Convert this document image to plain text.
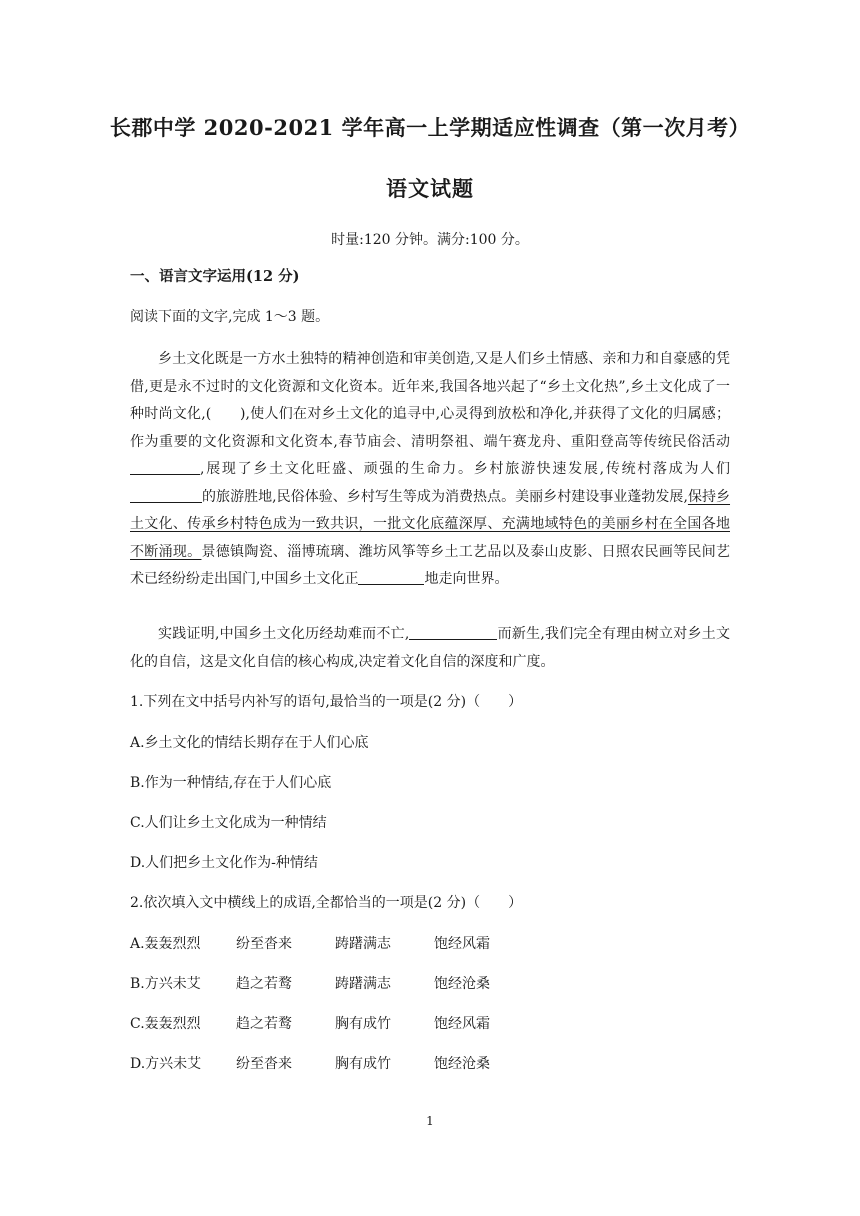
长郡中学 2020-2021 学年高一上学期适应性调查（第一次月考）
语文试题
时量:120 分钟。满分:100 分。
一、语言文字运用(12 分)
阅读下面的文字,完成 1～3 题。

乡土文化既是一方水土独特的精神创造和审美创造,又是人们乡土情感、亲和力和自豪感的凭借,更是永不过时的文化资源和文化资本。近年来,我国各地兴起了“乡土文化热”,乡土文化成了一种时尚文化,(　　),使人们在对乡土文化的追寻中,心灵得到放松和净化,并获得了文化的归属感；作为重要的文化资源和文化资本,春节庙会、清明祭祖、端午赛龙舟、重阳登高等传统民俗活动,展现了乡土文化旺盛、顽强的生命力。乡村旅游快速发展,传统村落成为人们的旅游胜地,民俗体验、乡村写生等成为消费热点。美丽乡村建设事业蓬勃发展,保持乡土文化、传承乡村特色成为一致共识，一批文化底蕴深厚、充满地域特色的美丽乡村在全国各地不断涌现。景德镇陶瓷、淄博琉璃、潍坊风筝等乡土工艺品以及泰山皮影、日照农民画等民间艺术已经纷纷走出国门,中国乡土文化正	地走向世界。

实践证明,中国乡土文化历经劫难而不亡,	而新生,我们完全有理由树立对乡土文化的自信，这是文化自信的核心构成,决定着文化自信的深度和广度。

1.下列在文中括号内补写的语句,最恰当的一项是(2 分)（　　）
A.乡土文化的情结长期存在于人们心底
B.作为一种情结,存在于人们心底
C.人们让乡土文化成为一种情结
D.人们把乡土文化作为-种情结
2.依次填入文中横线上的成语,全都恰当的一项是(2 分)（　　）
A.轰轰烈烈	纷至沓来	踌躇满志	饱经风霜
B.方兴未艾	趋之若鹜	踌躇满志	饱经沧桑
C.轰轰烈烈	趋之若鹜	胸有成竹	饱经风霜
D.方兴未艾 纷至沓来	胸有成竹	饱经沧桑
1
